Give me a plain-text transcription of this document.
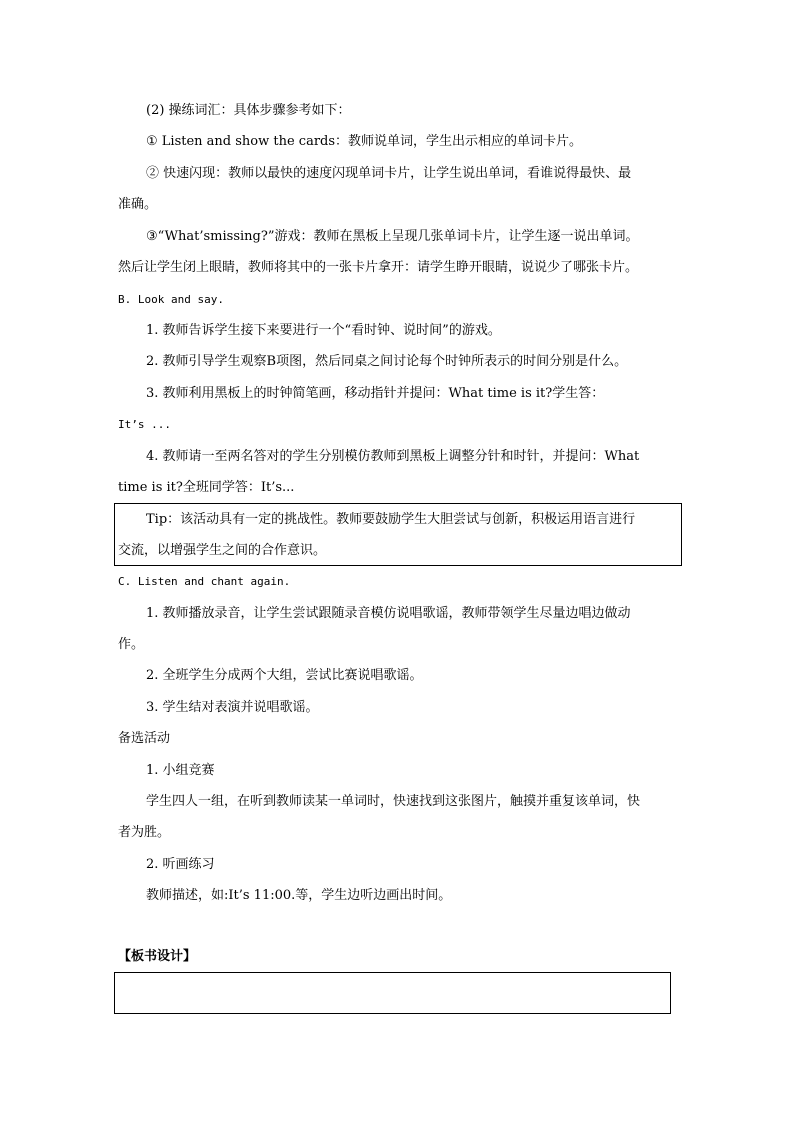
(2) 操练词汇：具体步骤参考如下：
① Listen and show the cards：教师说单词，学生出示相应的单词卡片。
② 快速闪现：教师以最快的速度闪现单词卡片，让学生说出单词，看谁说得最快、最
准确。
③“What’smissing?”游戏：教师在黑板上呈现几张单词卡片，让学生逐一说出单词。
然后让学生闭上眼睛，教师将其中的一张卡片拿开：请学生睁开眼睛，说说少了哪张卡片。
B. Look and say.
1. 教师告诉学生接下来要进行一个“看时钟、说时间”的游戏。
2. 教师引导学生观察B项图，然后同桌之间讨论每个时钟所表示的时间分别是什么。
3. 教师利用黑板上的时钟简笔画，移动指针并提问：What time is it?学生答：
It’s ...
4. 教师请一至两名答对的学生分别模仿教师到黑板上调整分针和时针，并提问：What
time is it?全班同学答：It’s...
Tip：该活动具有一定的挑战性。教师要鼓励学生大胆尝试与创新，积极运用语言进行
交流，以增强学生之间的合作意识。
C. Listen and chant again.
1. 教师播放录音，让学生尝试跟随录音模仿说唱歌谣，教师带领学生尽量边唱边做动
作。
2. 全班学生分成两个大组，尝试比赛说唱歌谣。
3. 学生结对表演并说唱歌谣。
备选活动
1. 小组竞赛
学生四人一组，在听到教师读某一单词时，快速找到这张图片，触摸并重复该单词，快
者为胜。
2. 听画练习
教师描述，如:It’s 11:00.等，学生边听边画出时间。
【板书设计】
